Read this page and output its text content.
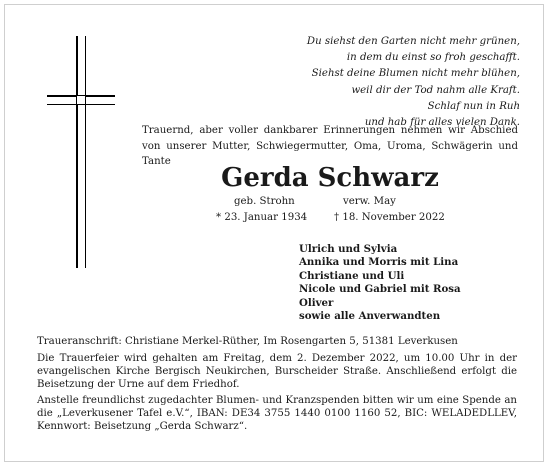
Du siehst den Garten nicht mehr grünen,
in dem du einst so froh geschafft.
Siehst deine Blumen nicht mehr blühen,
weil dir der Tod nahm alle Kraft.
Schlaf nun in Ruh
und hab für alles vielen Dank.
Trauernd, aber voller dankbarer Erinnerungen nehmen wir Abschied von unserer Mutter, Schwiegermutter, Oma, Uroma, Schwägerin und Tante
Gerda Schwarz
geb. Strohn	verw. May
* 23. Januar 1934	† 18. November 2022
Ulrich und Sylvia
Annika und Morris mit Lina
Christiane und Uli
Nicole und Gabriel mit Rosa
Oliver
sowie alle Anverwandten
Traueranschrift: Christiane Merkel-Rüther, Im Rosengarten 5, 51381 Leverkusen
Die Trauerfeier wird gehalten am Freitag, dem 2. Dezember 2022, um 10.00 Uhr in der evangelischen Kirche Bergisch Neukirchen, Burscheider Straße. Anschließend erfolgt die Beisetzung der Urne auf dem Friedhof.
Anstelle freundlichst zugedachter Blumen- und Kranzspenden bitten wir um eine Spende an die „Leverkusener Tafel e.V.“, IBAN: DE34 3755 1440 0100 1160 52, BIC: WELADEDLLEV, Kennwort: Beisetzung „Gerda Schwarz“.
